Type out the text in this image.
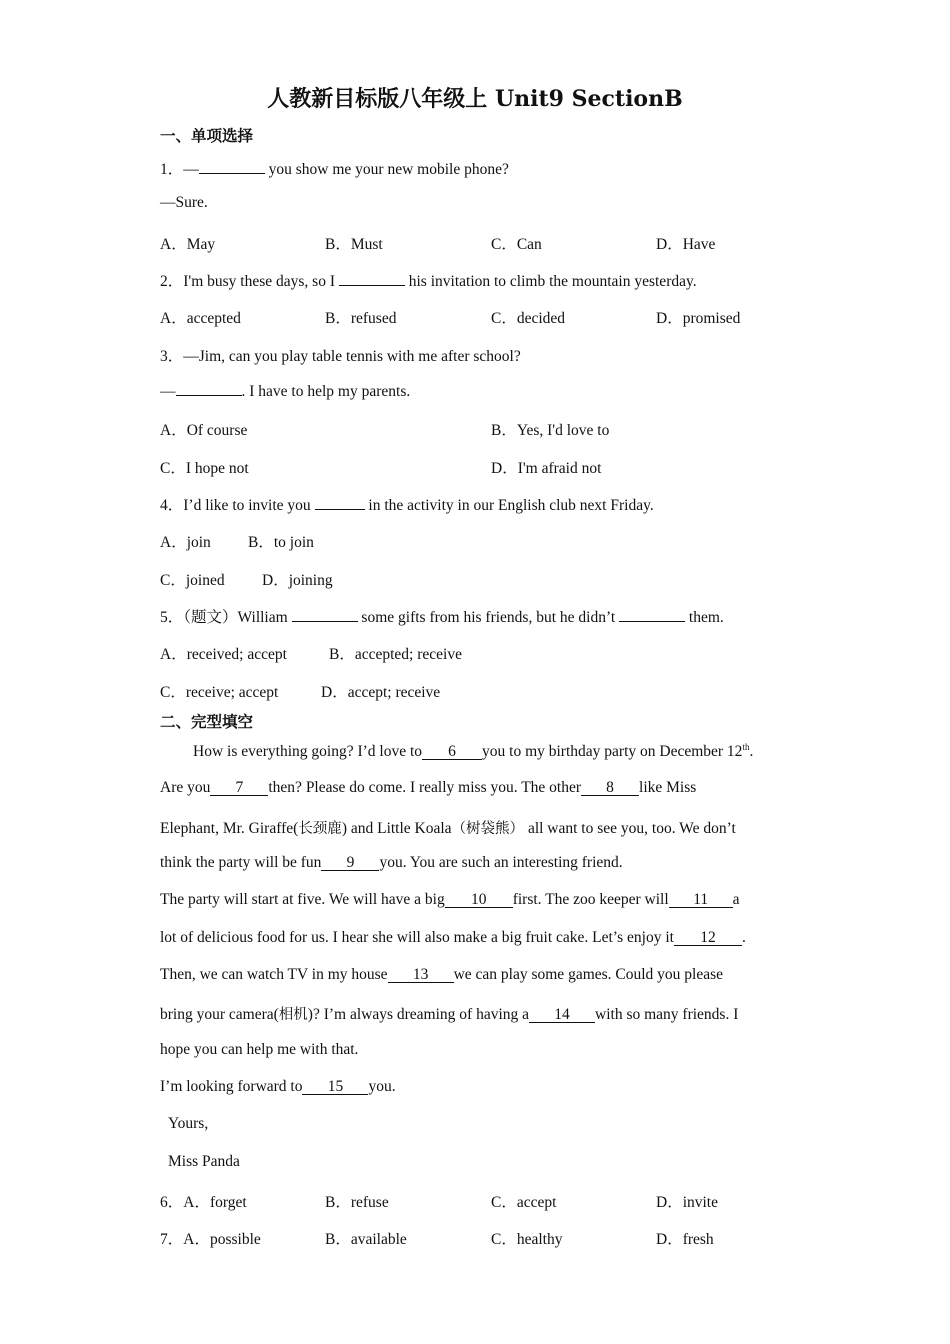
人教新目标版八年级上 Unit9 SectionB
一、单项选择
1．—	you show me your new mobile phone?
—Sure.
A．May	B．Must	C．Can	D．Have
2．I'm busy these days, so I	his invitation to climb the mountain yesterday.
A．accepted	B．refused	C．decided	D．promised
3．—Jim, can you play table tennis with me after school?
—	. I have to help my parents.
A．Of course	B．Yes, I'd love to
C．I hope not	D．I'm afraid not
4．I’d like to invite you	in the activity in our English club next Friday.
A．join B．to join
C．joined D．joining
5．（题文）William	some gifts from his friends, but he didn’t	them.
A．received; accept	B．accepted; receive
C．receive; accept	D．accept; receive
二、完型填空
How is everything going? I’d love to 6 you to my birthday party on December 12th.
Are you 7 then? Please do come. I really miss you. The other 8 like Miss
Elephant, Mr. Giraffe(长颈鹿) and Little Koala（树袋熊） all want to see you, too. We don’t
think the party will be fun 9 you. You are such an interesting friend.
The party will start at five. We will have a big 10 first. The zoo keeper will 11 a
lot of delicious food for us. I hear she will also make a big fruit cake. Let’s enjoy it 12 .
Then, we can watch TV in my house 13 we can play some games. Could you please
bring your camera(相机)? I’m always dreaming of having a 14 with so many friends. I
hope you can help me with that.
I’m looking forward to 15 you.
Yours,
Miss Panda
6．A．forget	B．refuse	C．accept	D．invite
7．A．possible	B．available	C．healthy	D．fresh
